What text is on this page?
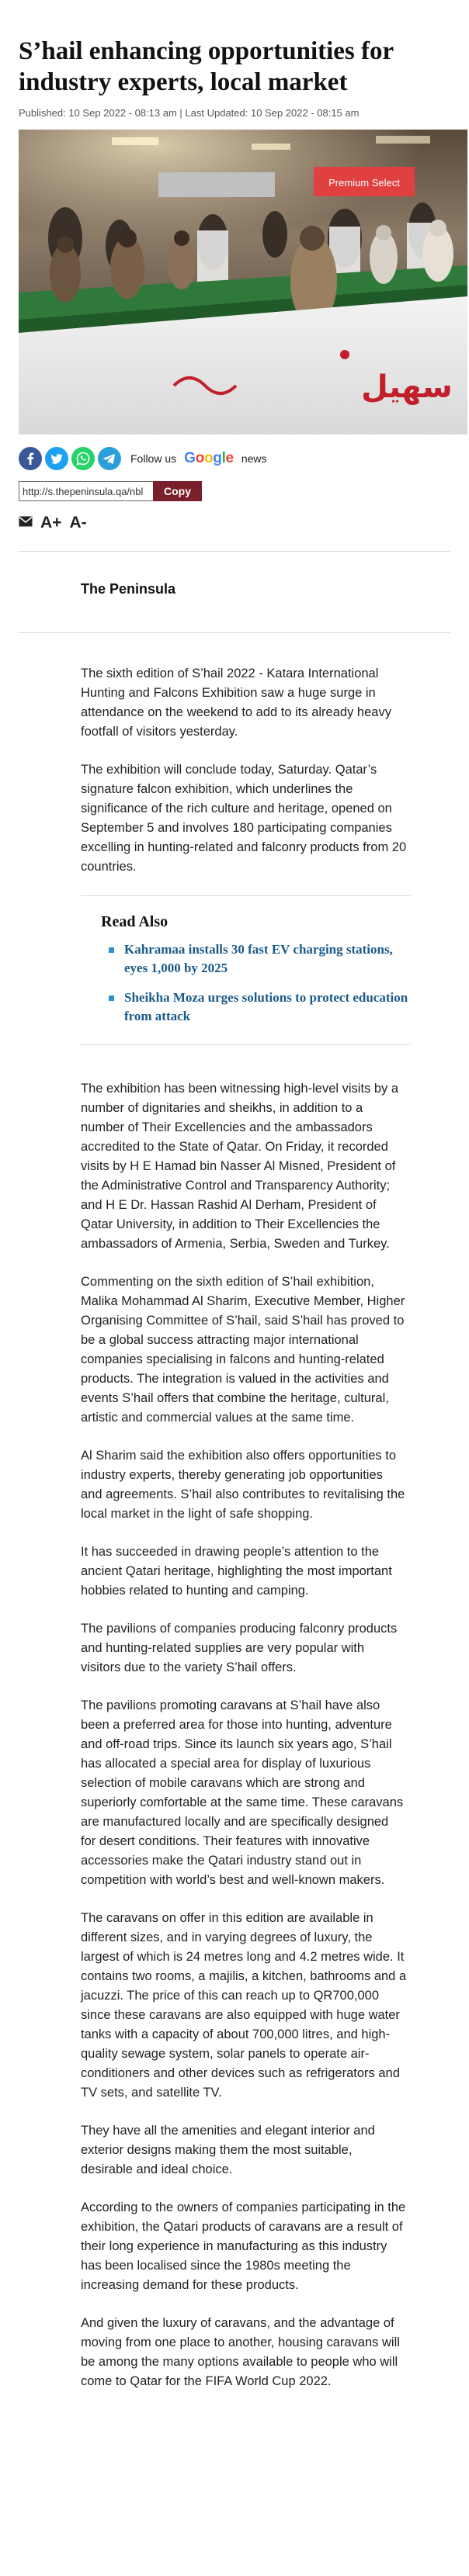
S’hail enhancing opportunities for industry experts, local market
Published: 10 Sep 2022 - 08:13 am | Last Updated: 10 Sep 2022 - 08:15 am
Premium Select
سهيل
Follow us Google news
http://s.thepeninsula.qa/nbl
Copy
A+ A-
The Peninsula

The sixth edition of S’hail 2022 - Katara International Hunting and Falcons Exhibition saw a huge surge in attendance on the weekend to add to its already heavy footfall of visitors yesterday.

The exhibition will conclude today, Saturday. Qatar’s signature falcon exhibition, which underlines the significance of the rich culture and heritage, opened on September 5 and involves 180 participating companies excelling in hunting-related and falconry products from 20 countries.

Read Also
Kahramaa installs 30 fast EV charging stations, eyes 1,000 by 2025
Sheikha Moza urges solutions to protect education from attack

The exhibition has been witnessing high-level visits by a number of dignitaries and sheikhs, in addition to a number of Their Excellencies and the ambassadors accredited to the State of Qatar. On Friday, it recorded visits by H E Hamad bin Nasser Al Misned, President of the Administrative Control and Transparency Authority; and H E Dr. Hassan Rashid Al Derham, President of Qatar University, in addition to Their Excellencies the ambassadors of Armenia, Serbia, Sweden and Turkey.

Commenting on the sixth edition of S’hail exhibition, Malika Mohammad Al Sharim, Executive Member, Higher Organising Committee of S’hail, said S’hail has proved to be a global success attracting major international companies specialising in falcons and hunting-related products. The integration is valued in the activities and events S’hail offers that combine the heritage, cultural, artistic and commercial values at the same time.

Al Sharim said the exhibition also offers opportunities to industry experts, thereby generating job opportunities and agreements. S’hail also contributes to revitalising the local market in the light of safe shopping.

It has succeeded in drawing people’s attention to the ancient Qatari heritage, highlighting the most important hobbies related to hunting and camping.

The pavilions of companies producing falconry products and hunting-related supplies are very popular with visitors due to the variety S’hail offers.

The pavilions promoting caravans at S’hail have also been a preferred area for those into hunting, adventure and off-road trips. Since its launch six years ago, S’hail has allocated a special area for display of luxurious selection of mobile caravans which are strong and superiorly comfortable at the same time. These caravans are manufactured locally and are specifically designed for desert conditions. Their features with innovative accessories make the Qatari industry stand out in competition with world’s best and well-known makers.

The caravans on offer in this edition are available in different sizes, and in varying degrees of luxury, the largest of which is 24 metres long and 4.2 metres wide. It contains two rooms, a majilis, a kitchen, bathrooms and a jacuzzi. The price of this can reach up to QR700,000 since these caravans are also equipped with huge water tanks with a capacity of about 700,000 litres, and high-quality sewage system, solar panels to operate air-conditioners and other devices such as refrigerators and TV sets, and satellite TV.

They have all the amenities and elegant interior and exterior designs making them the most suitable, desirable and ideal choice.

According to the owners of companies participating in the exhibition, the Qatari products of caravans are a result of their long experience in manufacturing as this industry has been localised since the 1980s meeting the increasing demand for these products.

And given the luxury of caravans, and the advantage of moving from one place to another, housing caravans will be among the many options available to people who will come to Qatar for the FIFA World Cup 2022.
